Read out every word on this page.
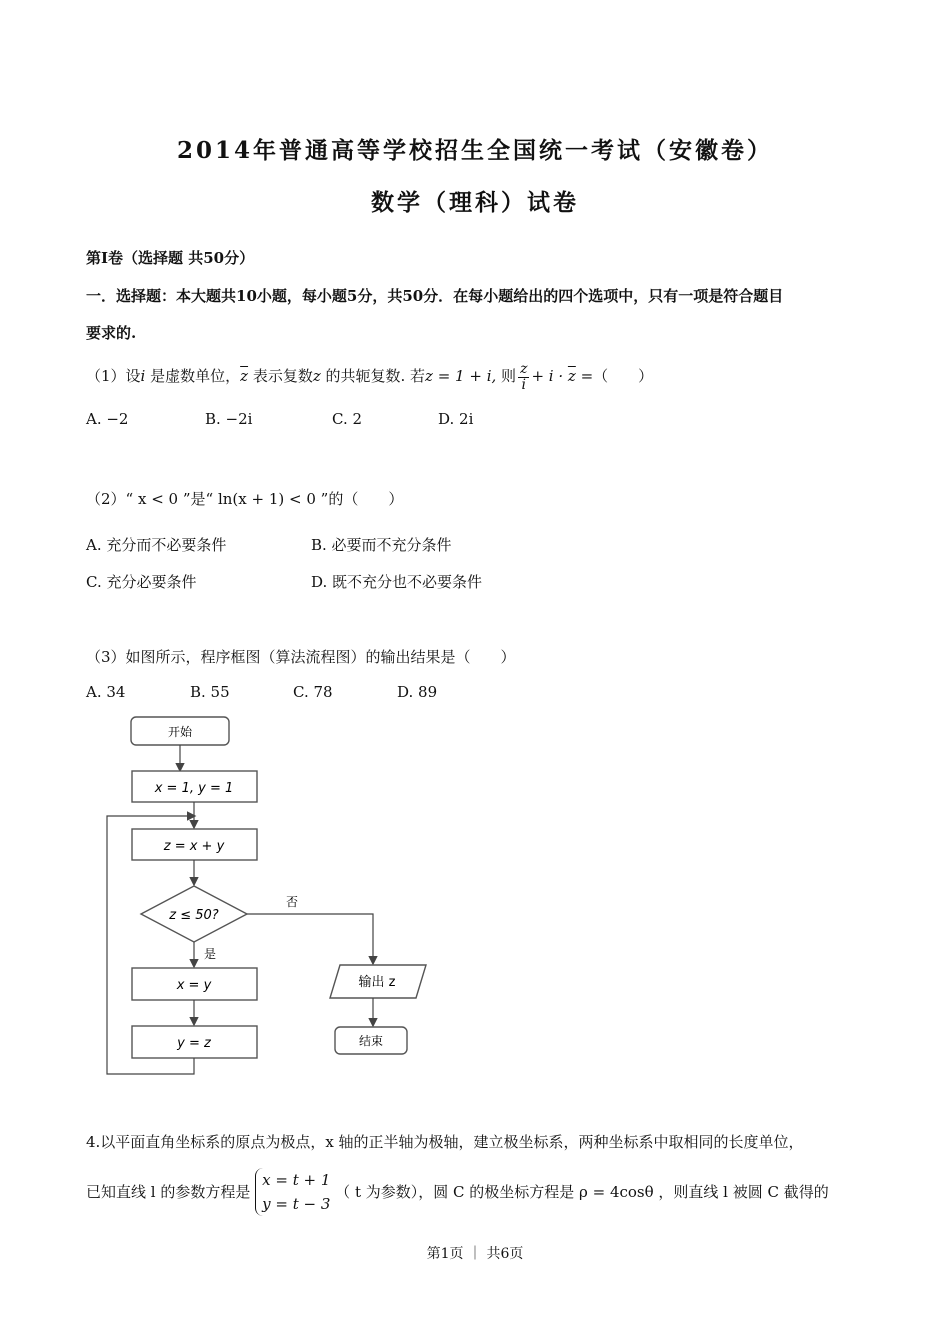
2014年普通高等学校招生全国统一考试（安徽卷）
数学（理科）试卷
第Ⅰ卷（选择题 共50分）
一．选择题：本大题共10小题，每小题5分，共50分．在每小题给出的四个选项中，只有一项是符合题目
要求的.
（1）设i 是虚数单位，$\overline{z}$ 表示复数z 的共轭复数. 若z = 1 + i, 则 $\frac{z}{i} + i \cdot \overline{z}$ =（　　）
A. −2	B. −2i	C. 2	D. 2i
（2）“ x < 0 ”是“ ln(x + 1) < 0 ”的（　　）
A. 充分而不必要条件	B. 必要而不充分条件
C. 充分必要条件	D. 既不充分也不必要条件
（3）如图所示，程序框图（算法流程图）的输出结果是（　　）
A. 34	B. 55	C. 78	D. 89
开始
x = 1, y = 1
z = x + y
z ≤ 50?
否
是
x = y
y = z
输出 z
结束
4.以平面直角坐标系的原点为极点，x 轴的正半轴为极轴，建立极坐标系，两种坐标系中取相同的长度单位，
已知直线 l 的参数方程是
x = t + 1
y = t − 3
（ t 为参数），圆 C 的极坐标方程是 ρ = 4cosθ ，则直线 l 被圆 C 截得的
第1页 ｜ 共6页
